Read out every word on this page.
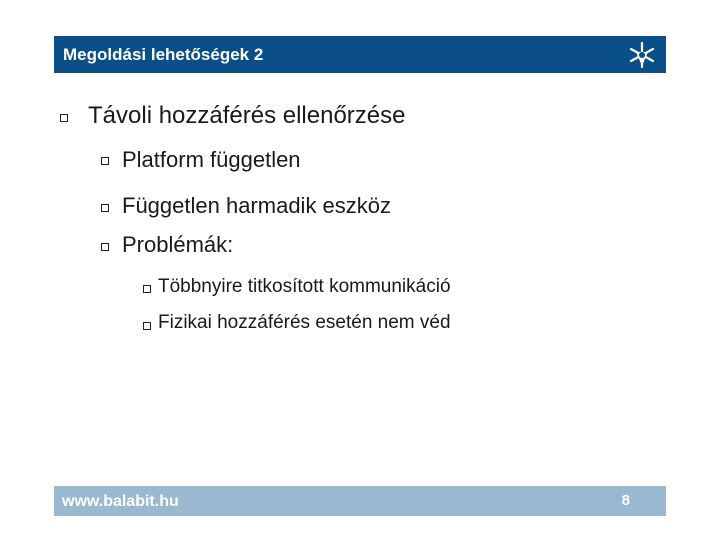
Megoldási lehetőségek 2
Távoli hozzáférés ellenőrzése
Platform független
Független harmadik eszköz
Problémák:
Többnyire titkosított kommunikáció
Fizikai hozzáférés esetén nem véd
www.balabit.hu	8
